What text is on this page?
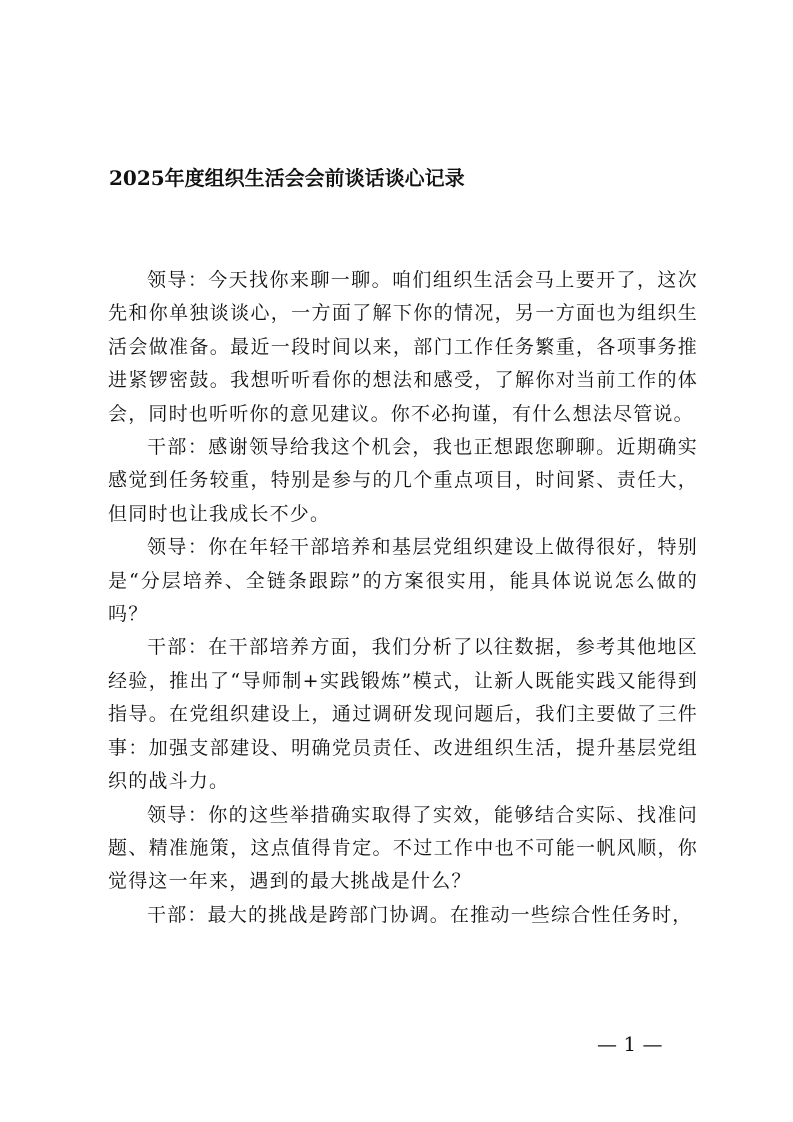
2025年度组织生活会会前谈话谈心记录

领导：今天找你来聊一聊。咱们组织生活会马上要开了，这次先和你单独谈谈心，一方面了解下你的情况，另一方面也为组织生活会做准备。最近一段时间以来，部门工作任务繁重，各项事务推进紧锣密鼓。我想听听看你的想法和感受，了解你对当前工作的体会，同时也听听你的意见建议。你不必拘谨，有什么想法尽管说。

干部：感谢领导给我这个机会，我也正想跟您聊聊。近期确实感觉到任务较重，特别是参与的几个重点项目，时间紧、责任大，但同时也让我成长不少。

领导：你在年轻干部培养和基层党组织建设上做得很好，特别是“分层培养、全链条跟踪”的方案很实用，能具体说说怎么做的吗？

干部：在干部培养方面，我们分析了以往数据，参考其他地区经验，推出了“导师制+实践锻炼”模式，让新人既能实践又能得到指导。在党组织建设上，通过调研发现问题后，我们主要做了三件事：加强支部建设、明确党员责任、改进组织生活，提升基层党组织的战斗力。

领导：你的这些举措确实取得了实效，能够结合实际、找准问题、精准施策，这点值得肯定。不过工作中也不可能一帆风顺，你觉得这一年来，遇到的最大挑战是什么？

干部：最大的挑战是跨部门协调。在推动一些综合性任务时，

— 1 —
